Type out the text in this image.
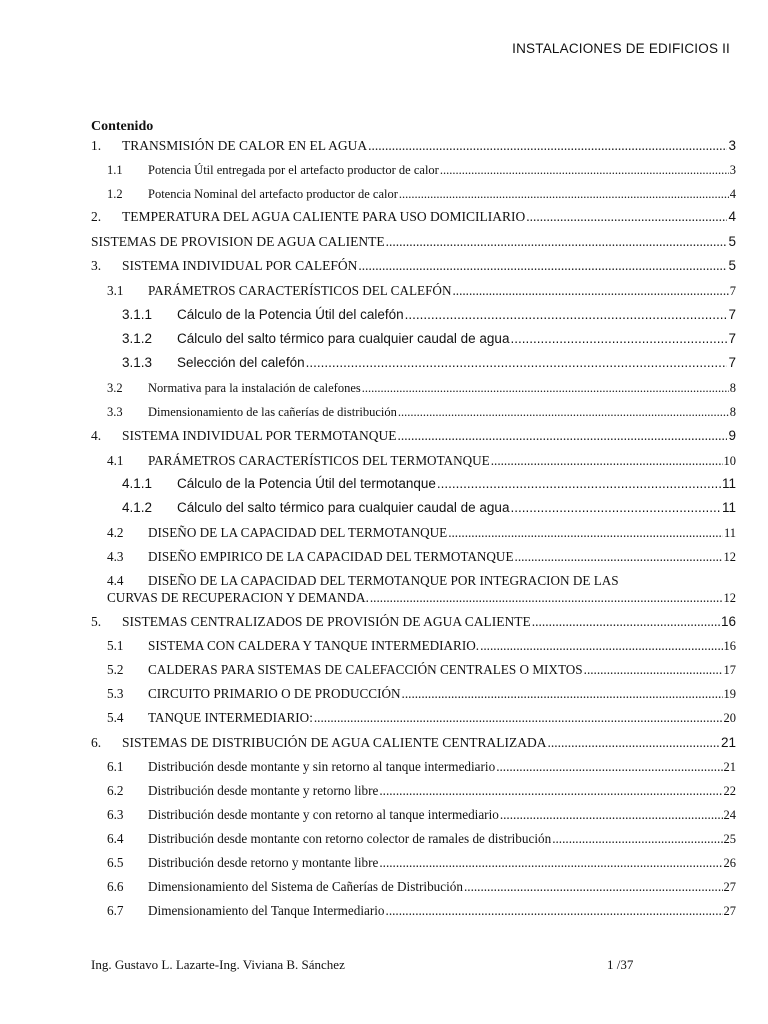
INSTALACIONES DE EDIFICIOS II
Contenido
1.	TRANSMISIÓN DE CALOR EN EL AGUA .....	3
1.1	Potencia Útil entregada por el artefacto productor de calor .....	3
1.2	Potencia Nominal del artefacto productor de calor .....	4
2.	TEMPERATURA DEL AGUA CALIENTE PARA USO DOMICILIARIO .....	4
SISTEMAS DE PROVISION DE AGUA CALIENTE .....	5
3.	SISTEMA INDIVIDUAL POR CALEFÓN .....	5
3.1	PARÁMETROS CARACTERÍSTICOS DEL CALEFÓN .....	7
3.1.1	Cálculo de la Potencia Útil del calefón .....	7
3.1.2	Cálculo del salto térmico para cualquier caudal de agua .....	7
3.1.3	Selección del calefón .....	7
3.2	Normativa para la instalación de calefones .....	8
3.3	Dimensionamiento de las cañerías de distribución .....	8
4.	SISTEMA INDIVIDUAL POR TERMOTANQUE .....	9
4.1	PARÁMETROS CARACTERÍSTICOS DEL TERMOTANQUE .....	10
4.1.1	Cálculo de la Potencia Útil del termotanque .....	11
4.1.2	Cálculo del salto térmico para cualquier caudal de agua .....	11
4.2	DISEÑO DE LA CAPACIDAD DEL TERMOTANQUE .....	11
4.3	DISEÑO EMPIRICO DE LA CAPACIDAD DEL TERMOTANQUE .....	12
4.4	DISEÑO DE LA CAPACIDAD DEL TERMOTANQUE POR INTEGRACION DE LAS
CURVAS DE RECUPERACION Y DEMANDA. .....	12
5.	SISTEMAS CENTRALIZADOS DE PROVISIÓN DE AGUA CALIENTE .....	16
5.1	SISTEMA CON CALDERA Y TANQUE INTERMEDIARIO. .....	16
5.2	CALDERAS PARA SISTEMAS DE CALEFACCIÓN CENTRALES O MIXTOS .....	17
5.3	CIRCUITO PRIMARIO O DE PRODUCCIÓN .....	19
5.4	TANQUE INTERMEDIARIO: .....	20
6.	SISTEMAS DE DISTRIBUCIÓN DE AGUA CALIENTE CENTRALIZADA .....	21
6.1	Distribución desde montante y sin retorno al tanque intermediario .....	21
6.2	Distribución desde montante y retorno libre .....	22
6.3	Distribución desde montante y con retorno al tanque intermediario .....	24
6.4	Distribución desde montante con retorno colector de ramales de distribución .....	25
6.5	Distribución desde retorno y montante libre .....	26
6.6	Dimensionamiento del Sistema de Cañerías de Distribución .....	27
6.7	Dimensionamiento del Tanque Intermediario .....	27
Ing. Gustavo L. Lazarte-Ing. Viviana B. Sánchez	1 /37
